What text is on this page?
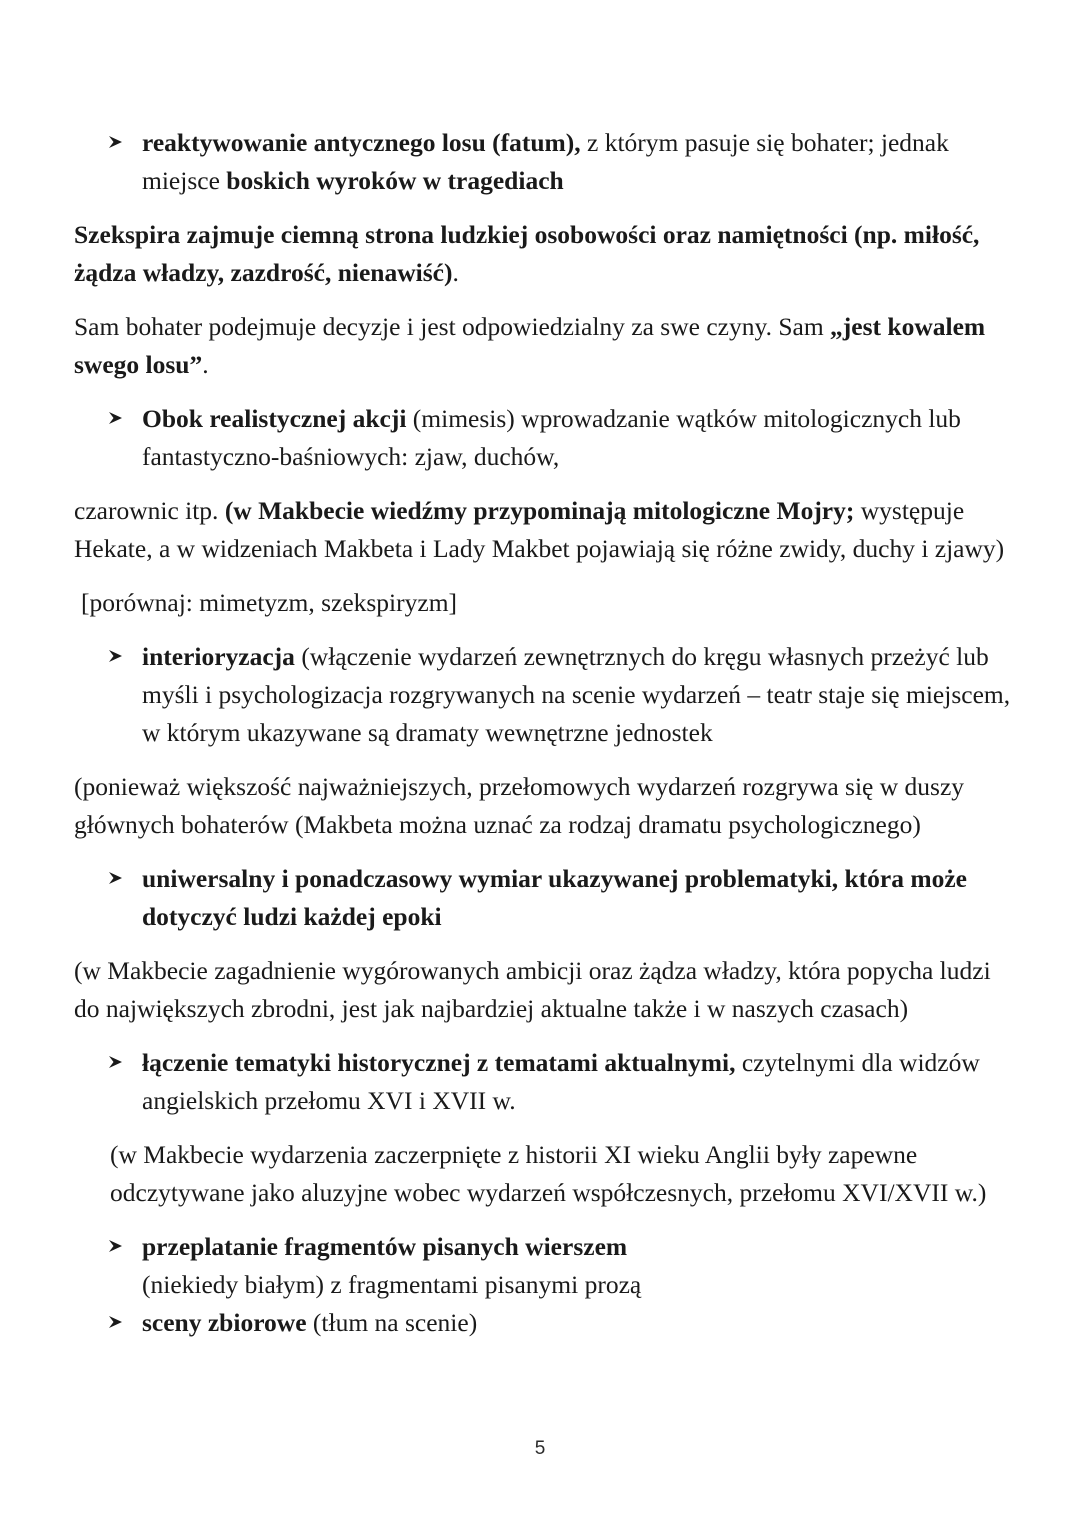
reaktywowanie antycznego losu (fatum), z którym pasuje się bohater; jednak miejsce boskich wyroków w tragediach
Szekspira zajmuje ciemną strona ludzkiej osobowości oraz namiętności (np. miłość, żądza władzy, zazdrość, nienawiść).
Sam bohater podejmuje decyzje i jest odpowiedzialny za swe czyny. Sam „jest kowalem swego losu”.
Obok realistycznej akcji (mimesis) wprowadzanie wątków mitologicznych lub fantastyczno-baśniowych: zjaw, duchów,
czarownic itp. (w Makbecie wiedźmy przypominają mitologiczne Mojry; występuje Hekate, a w widzeniach Makbeta i Lady Makbet pojawiają się różne zwidy, duchy i zjawy)
[porównaj: mimetyzm, szekspiryzm]
interioryzacja (włączenie wydarzeń zewnętrznych do kręgu własnych przeżyć lub myśli i psychologizacja rozgrywanych na scenie wydarzeń – teatr staje się miejscem, w którym ukazywane są dramaty wewnętrzne jednostek
(ponieważ większość najważniejszych, przełomowych wydarzeń rozgrywa się w duszy głównych bohaterów (Makbeta można uznać za rodzaj dramatu psychologicznego)
uniwersalny i ponadczasowy wymiar ukazywanej problematyki, która może dotyczyć ludzi każdej epoki
(w Makbecie zagadnienie wygórowanych ambicji oraz żądza władzy, która popycha ludzi do największych zbrodni, jest jak najbardziej aktualne także i w naszych czasach)
łączenie tematyki historycznej z tematami aktualnymi, czytelnymi dla widzów angielskich przełomu XVI i XVII w.
(w Makbecie wydarzenia zaczerpnięte z historii XI wieku Anglii były zapewne odczytywane jako aluzyjne wobec wydarzeń współczesnych, przełomu XVI/XVII w.)
przeplatanie fragmentów pisanych wierszem
(niekiedy białym) z fragmentami pisanymi prozą
sceny zbiorowe (tłum na scenie)
5
